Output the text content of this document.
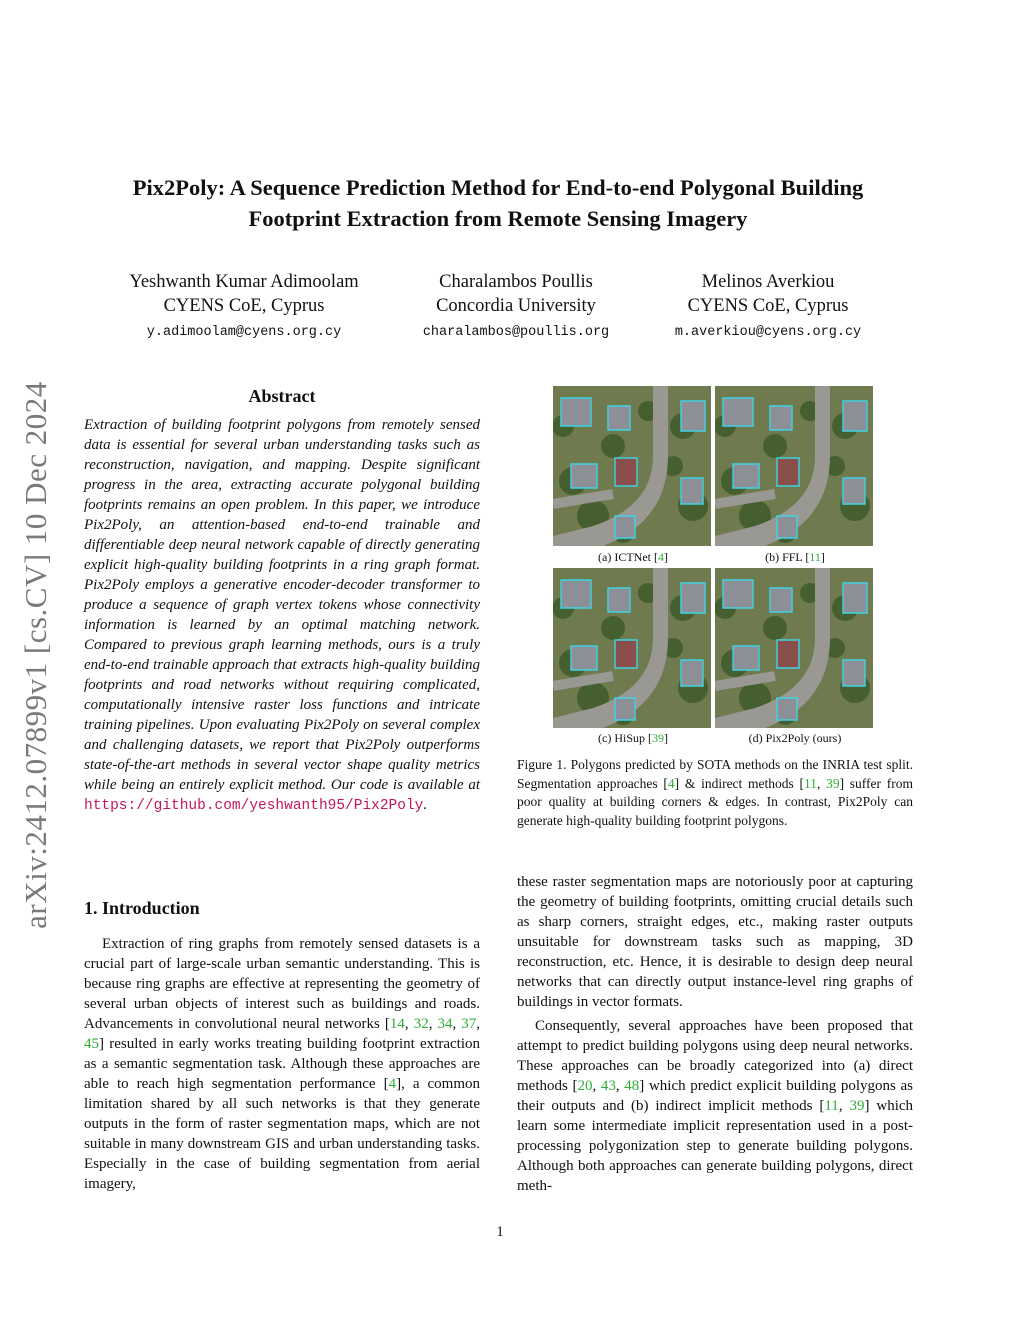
arXiv:2412.07899v1 [cs.CV] 10 Dec 2024
Pix2Poly: A Sequence Prediction Method for End-to-end Polygonal Building
Footprint Extraction from Remote Sensing Imagery
Yeshwanth Kumar Adimoolam
CYENS CoE, Cyprus
y.adimoolam@cyens.org.cy
Charalambos Poullis
Concordia University
charalambos@poullis.org
Melinos Averkiou
CYENS CoE, Cyprus
m.averkiou@cyens.org.cy
Abstract
Extraction of building footprint polygons from remotely sensed data is essential for several urban understanding tasks such as reconstruction, navigation, and mapping. Despite significant progress in the area, extracting accurate polygonal building footprints remains an open problem. In this paper, we introduce Pix2Poly, an attention-based end-to-end trainable and differentiable deep neural network capable of directly generating explicit high-quality building footprints in a ring graph format. Pix2Poly employs a generative encoder-decoder transformer to produce a sequence of graph vertex tokens whose connectivity information is learned by an optimal matching network. Compared to previous graph learning methods, ours is a truly end-to-end trainable approach that extracts high-quality building footprints and road networks without requiring complicated, computationally intensive raster loss functions and intricate training pipelines. Upon evaluating Pix2Poly on several complex and challenging datasets, we report that Pix2Poly outperforms state-of-the-art methods in several vector shape quality metrics while being an entirely explicit method. Our code is available at https://github.com/yeshwanth95/Pix2Poly.
1. Introduction

Extraction of ring graphs from remotely sensed datasets is a crucial part of large-scale urban semantic understanding. This is because ring graphs are effective at representing the geometry of several urban objects of interest such as buildings and roads. Advancements in convolutional neural networks [14, 32, 34, 37, 45] resulted in early works treating building footprint extraction as a semantic segmentation task. Although these approaches are able to reach high segmentation performance [4], a common limitation shared by all such networks is that they generate outputs in the form of raster segmentation maps, which are not suitable in many downstream GIS and urban understanding tasks. Especially in the case of building segmentation from aerial imagery,

(a) ICTNet [4]	(b) FFL [11]
(c) HiSup [39]	(d) Pix2Poly (ours)
Figure 1. Polygons predicted by SOTA methods on the INRIA test split. Segmentation approaches [4] & indirect methods [11, 39] suffer from poor quality at building corners & edges. In contrast, Pix2Poly can generate high-quality building footprint polygons.

these raster segmentation maps are notoriously poor at capturing the geometry of building footprints, omitting crucial details such as sharp corners, straight edges, etc., making raster outputs unsuitable for downstream tasks such as mapping, 3D reconstruction, etc. Hence, it is desirable to design deep neural networks that can directly output instance-level ring graphs of buildings in vector formats.

Consequently, several approaches have been proposed that attempt to predict building polygons using deep neural networks. These approaches can be broadly categorized into (a) direct methods [20, 43, 48] which predict explicit building polygons as their outputs and (b) indirect implicit methods [11, 39] which learn some intermediate implicit representation used in a post-processing polygonization step to generate building polygons. Although both approaches can generate building polygons, direct meth-

1
